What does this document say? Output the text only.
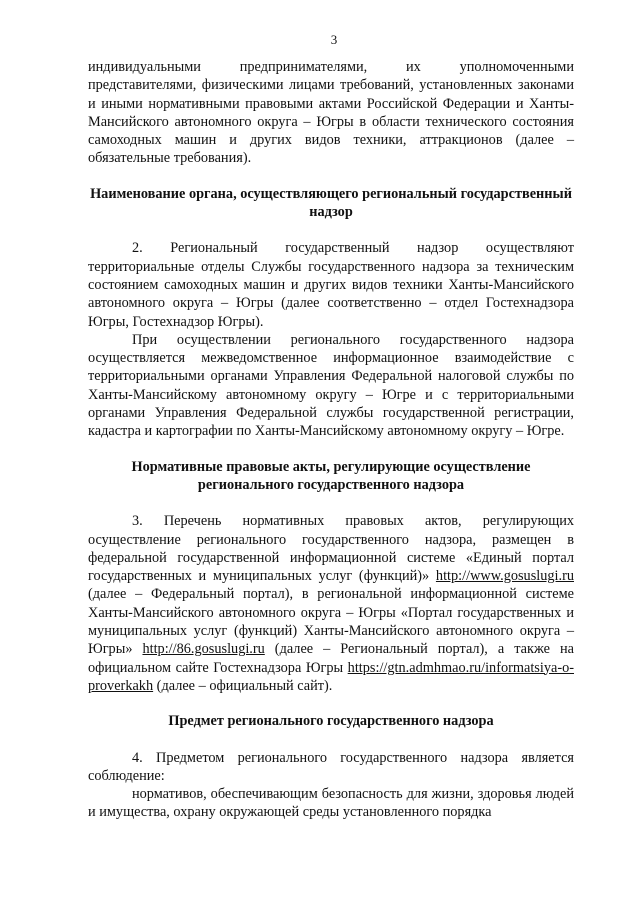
3

индивидуальными предпринимателями, их уполномоченными представителями, физическими лицами требований, установленных законами и иными нормативными правовыми актами Российской Федерации и Ханты-Мансийского автономного округа – Югры в области технического состояния самоходных машин и других видов техники, аттракционов (далее – обязательные требования).

Наименование органа, осуществляющего региональный государственный надзор

2. Региональный государственный надзор осуществляют территориальные отделы Службы государственного надзора за техническим состоянием самоходных машин и других видов техники Ханты-Мансийского автономного округа – Югры (далее соответственно – отдел Гостехнадзора Югры, Гостехнадзор Югры).

При осуществлении регионального государственного надзора осуществляется межведомственное информационное взаимодействие с территориальными органами Управления Федеральной налоговой службы по Ханты-Мансийскому автономному округу – Югре и с территориальными органами Управления Федеральной службы государственной регистрации, кадастра и картографии по Ханты-Мансийскому автономному округу – Югре.

Нормативные правовые акты, регулирующие осуществление регионального государственного надзора

3. Перечень нормативных правовых актов, регулирующих осуществление регионального государственного надзора, размещен в федеральной государственной информационной системе «Единый портал государственных и муниципальных услуг (функций)» http://www.gosuslugi.ru (далее – Федеральный портал), в региональной информационной системе Ханты-Мансийского автономного округа – Югры «Портал государственных и муниципальных услуг (функций) Ханты-Мансийского автономного округа – Югры» http://86.gosuslugi.ru (далее – Региональный портал), а также на официальном сайте Гостехнадзора Югры https://gtn.admhmao.ru/informatsiya-o-proverkakh (далее – официальный сайт).

Предмет регионального государственного надзора

4. Предметом регионального государственного надзора является соблюдение:

нормативов, обеспечивающим безопасность для жизни, здоровья людей и имущества, охрану окружающей среды установленного порядка
